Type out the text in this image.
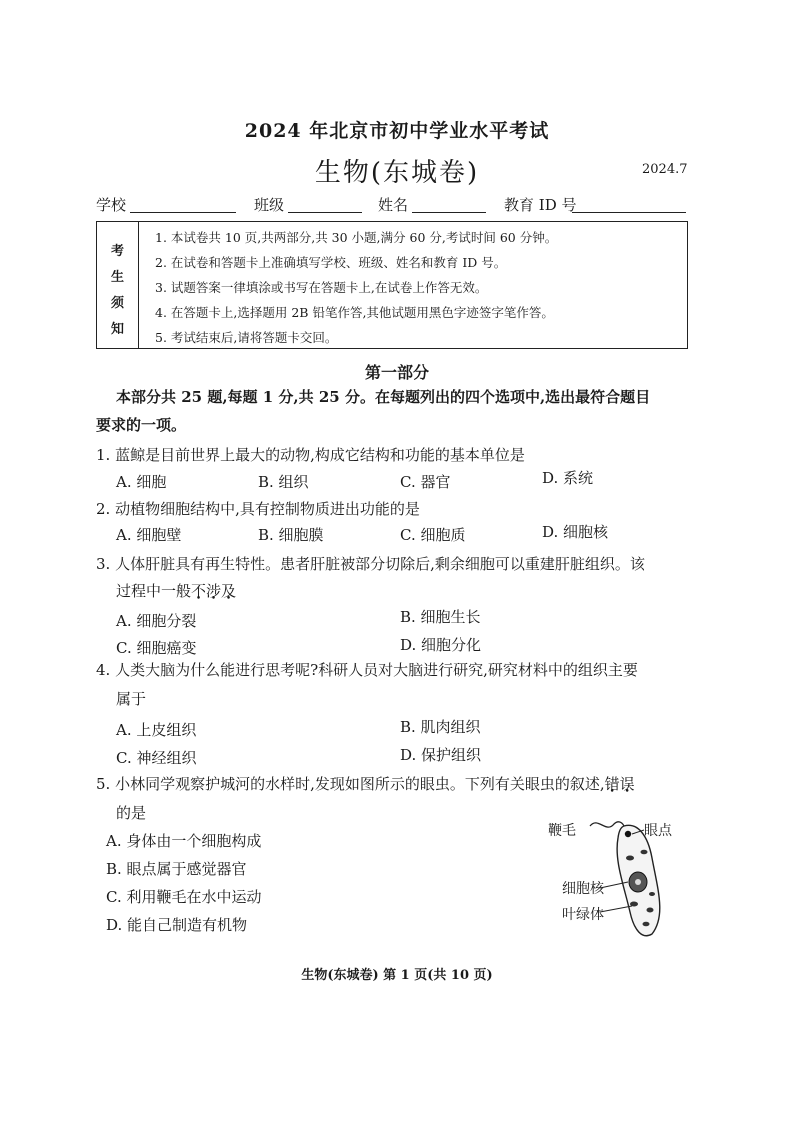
2024 年北京市初中学业水平考试
生物(东城卷)	2024.7
学校	班级	姓名	教育 ID 号
考
生
须
知
1. 本试卷共 10 页,共两部分,共 30 小题,满分 60 分,考试时间 60 分钟。
2. 在试卷和答题卡上准确填写学校、班级、姓名和教育 ID 号。
3. 试题答案一律填涂或书写在答题卡上,在试卷上作答无效。
4. 在答题卡上,选择题用 2B 铅笔作答,其他试题用黑色字迹签字笔作答。
5. 考试结束后,请将答题卡交回。
第一部分
本部分共 25 题,每题 1 分,共 25 分。在每题列出的四个选项中,选出最符合题目
要求的一项。
1. 蓝鲸是目前世界上最大的动物,构成它结构和功能的基本单位是
A. 细胞	B. 组织	C. 器官	D. 系统
2. 动植物细胞结构中,具有控制物质进出功能的是
A. 细胞壁	B. 细胞膜	C. 细胞质	D. 细胞核
3. 人体肝脏具有再生特性。患者肝脏被部分切除后,剩余细胞可以重建肝脏组织。该
过程中一般不涉及
A. 细胞分裂	B. 细胞生长
C. 细胞癌变	D. 细胞分化
4. 人类大脑为什么能进行思考呢?科研人员对大脑进行研究,研究材料中的组织主要
属于
A. 上皮组织	B. 肌肉组织
C. 神经组织	D. 保护组织
5. 小林同学观察护城河的水样时,发现如图所示的眼虫。下列有关眼虫的叙述,错误
的是
A. 身体由一个细胞构成
B. 眼点属于感觉器官
C. 利用鞭毛在水中运动
D. 能自己制造有机物
鞭毛	眼点
细胞核
叶绿体
生物(东城卷) 第 1 页(共 10 页)
